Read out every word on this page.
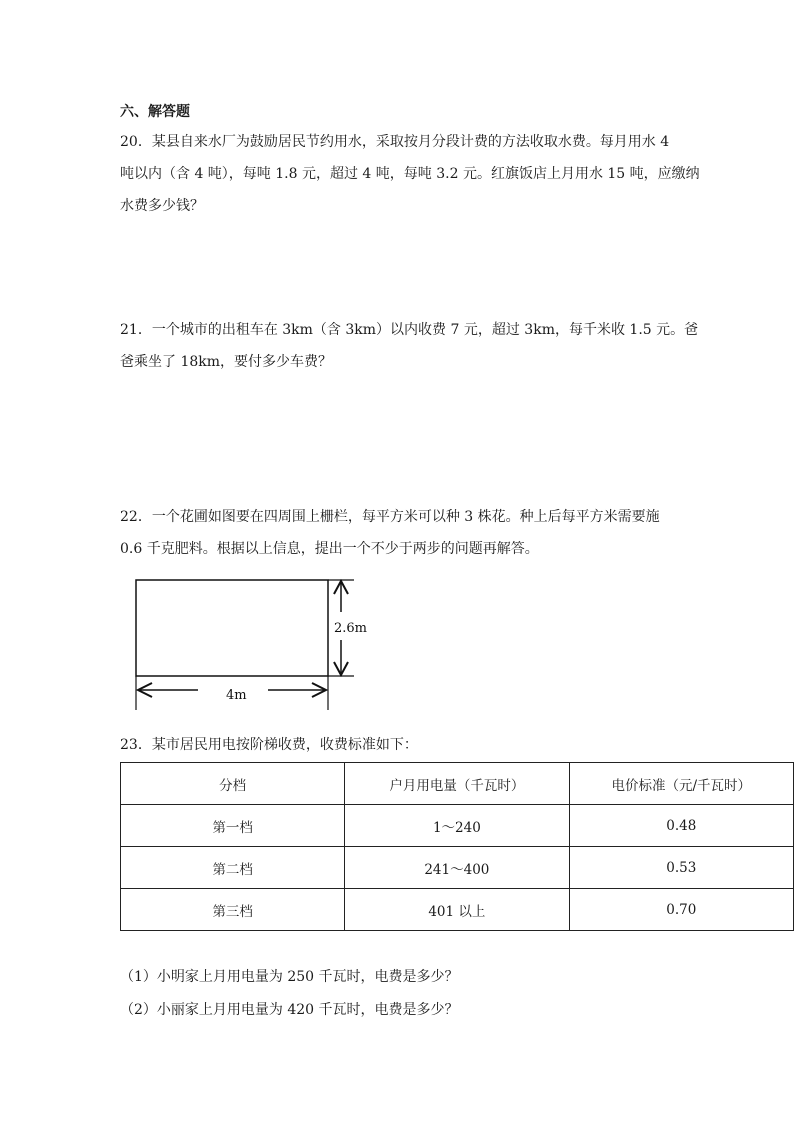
六、解答题
20．某县自来水厂为鼓励居民节约用水，采取按月分段计费的方法收取水费。每月用水 4
吨以内（含 4 吨），每吨 1.8 元，超过 4 吨，每吨 3.2 元。红旗饭店上月用水 15 吨，应缴纳
水费多少钱？
21．一个城市的出租车在 3km（含 3km）以内收费 7 元，超过 3km，每千米收 1.5 元。爸
爸乘坐了 18km，要付多少车费？
22．一个花圃如图要在四周围上栅栏，每平方米可以种 3 株花。种上后每平方米需要施
0.6 千克肥料。根据以上信息，提出一个不少于两步的问题再解答。
2.6m
4m
23．某市居民用电按阶梯收费，收费标准如下：
分档	户月用电量（千瓦时）	电价标准（元/千瓦时）
第一档	1～240	0.48
第二档	241～400	0.53
第三档	401 以上	0.70
（1）小明家上月用电量为 250 千瓦时，电费是多少？
（2）小丽家上月用电量为 420 千瓦时，电费是多少？
